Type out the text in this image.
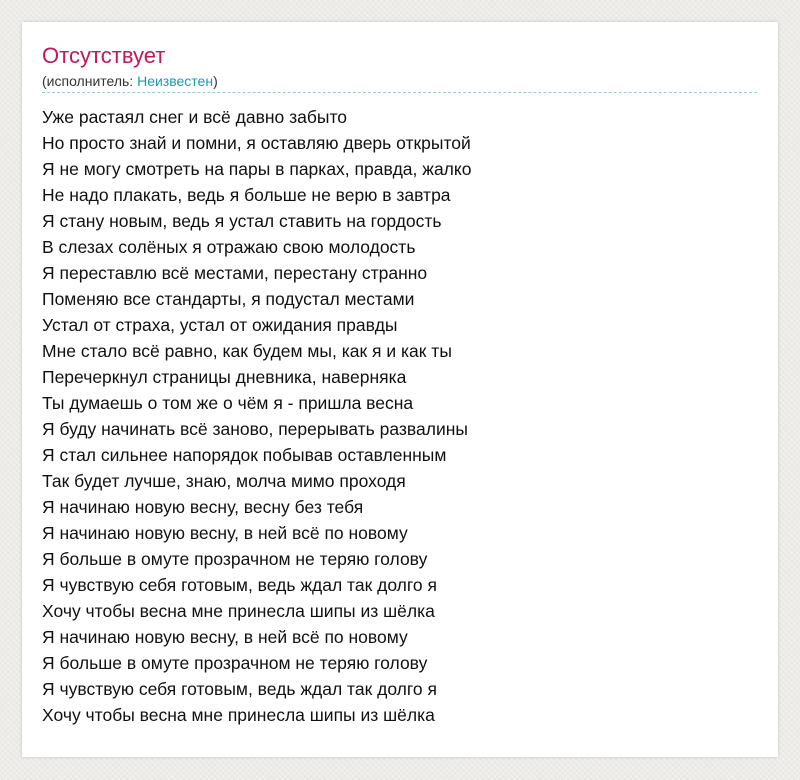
Отсутствует
(исполнитель: Неизвестен)
Уже растаял снег и всё давно забыто
Но просто знай и помни, я оставляю дверь открытой
Я не могу смотреть на пары в парках, правда, жалко
Не надо плакать, ведь я больше не верю в завтра
Я стану новым, ведь я устал ставить на гордость
В слезах солёных я отражаю свою молодость
Я переставлю всё местами, перестану странно
Поменяю все стандарты, я подустал местами
Устал от страха, устал от ожидания правды
Мне стало всё равно, как будем мы, как я и как ты
Перечеркнул страницы дневника, наверняка
Ты думаешь о том же о чём я - пришла весна
Я буду начинать всё заново, перерывать развалины
Я стал сильнее напорядок побывав оставленным
Так будет лучше, знаю, молча мимо проходя
Я начинаю новую весну, весну без тебя
Я начинаю новую весну, в ней всё по новому
Я больше в омуте прозрачном не теряю голову
Я чувствую себя готовым, ведь ждал так долго я
Хочу чтобы весна мне принесла шипы из шёлка
Я начинаю новую весну, в ней всё по новому
Я больше в омуте прозрачном не теряю голову
Я чувствую себя готовым, ведь ждал так долго я
Хочу чтобы весна мне принесла шипы из шёлка
